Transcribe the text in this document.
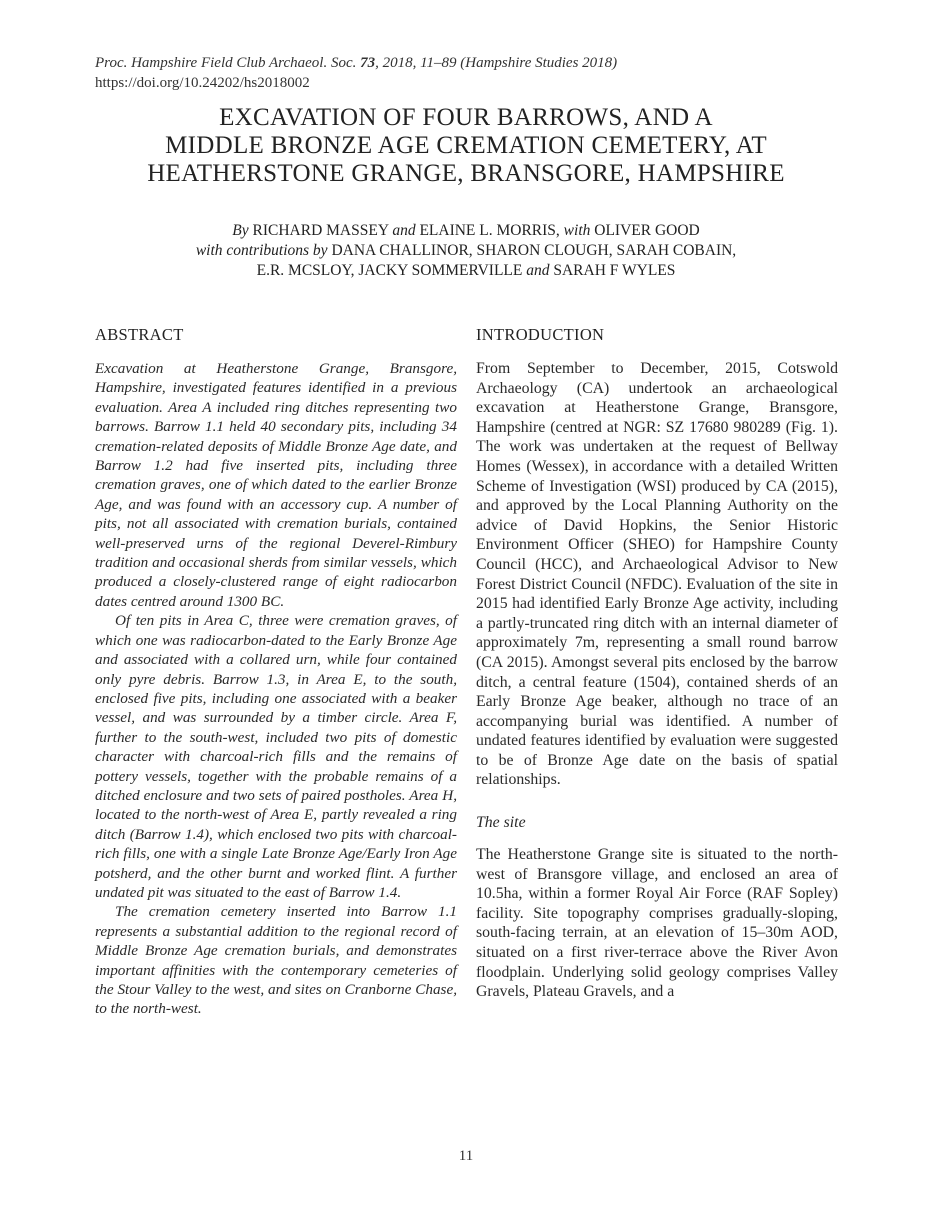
Proc. Hampshire Field Club Archaeol. Soc. 73, 2018, 11–89 (Hampshire Studies 2018)
https://doi.org/10.24202/hs2018002
EXCAVATION OF FOUR BARROWS, AND A
MIDDLE BRONZE AGE CREMATION CEMETERY, AT
HEATHERSTONE GRANGE, BRANSGORE, HAMPSHIRE
By RICHARD MASSEY and ELAINE L. MORRIS, with OLIVER GOOD
with contributions by DANA CHALLINOR, SHARON CLOUGH, SARAH COBAIN,
E.R. MCSLOY, JACKY SOMMERVILLE and SARAH F WYLES
ABSTRACT

Excavation at Heatherstone Grange, Bransgore, Hampshire, investigated features identified in a previous evaluation. Area A included ring ditches representing two barrows. Barrow 1.1 held 40 secondary pits, including 34 cremation-related deposits of Middle Bronze Age date, and Barrow 1.2 had five inserted pits, including three cremation graves, one of which dated to the earlier Bronze Age, and was found with an accessory cup. A number of pits, not all associated with cremation burials, contained well-preserved urns of the regional Deverel-Rimbury tradition and occasional sherds from similar vessels, which produced a closely-clustered range of eight radiocarbon dates centred around 1300 BC.

Of ten pits in Area C, three were cremation graves, of which one was radiocarbon-dated to the Early Bronze Age and associated with a collared urn, while four contained only pyre debris. Barrow 1.3, in Area E, to the south, enclosed five pits, including one associated with a beaker vessel, and was surrounded by a timber circle. Area F, further to the south-west, included two pits of domestic character with charcoal-rich fills and the remains of pottery vessels, together with the probable remains of a ditched enclosure and two sets of paired postholes. Area H, located to the north-west of Area E, partly revealed a ring ditch (Barrow 1.4), which enclosed two pits with charcoal-rich fills, one with a single Late Bronze Age/Early Iron Age potsherd, and the other burnt and worked flint. A further undated pit was situated to the east of Barrow 1.4.

The cremation cemetery inserted into Barrow 1.1 represents a substantial addition to the regional record of Middle Bronze Age cremation burials, and demonstrates important affinities with the contemporary cemeteries of the Stour Valley to the west, and sites on Cranborne Chase, to the north-west.

INTRODUCTION

From September to December, 2015, Cotswold Archaeology (CA) undertook an archaeological excavation at Heatherstone Grange, Bransgore, Hampshire (centred at NGR: SZ 17680 980289 (Fig. 1). The work was undertaken at the request of Bellway Homes (Wessex), in accordance with a detailed Written Scheme of Investigation (WSI) produced by CA (2015), and approved by the Local Planning Authority on the advice of David Hopkins, the Senior Historic Environment Officer (SHEO) for Hampshire County Council (HCC), and Archaeological Advisor to New Forest District Council (NFDC). Evaluation of the site in 2015 had identified Early Bronze Age activity, including a partly-truncated ring ditch with an internal diameter of approximately 7m, representing a small round barrow (CA 2015). Amongst several pits enclosed by the barrow ditch, a central feature (1504), contained sherds of an Early Bronze Age beaker, although no trace of an accompanying burial was identified. A number of undated features identified by evaluation were suggested to be of Bronze Age date on the basis of spatial relationships.

The site

The Heatherstone Grange site is situated to the north-west of Bransgore village, and enclosed an area of 10.5ha, within a former Royal Air Force (RAF Sopley) facility. Site topography comprises gradually-sloping, south-facing terrain, at an elevation of 15–30m AOD, situated on a first river-terrace above the River Avon floodplain. Underlying solid geology comprises Valley Gravels, Plateau Gravels, and a

11
